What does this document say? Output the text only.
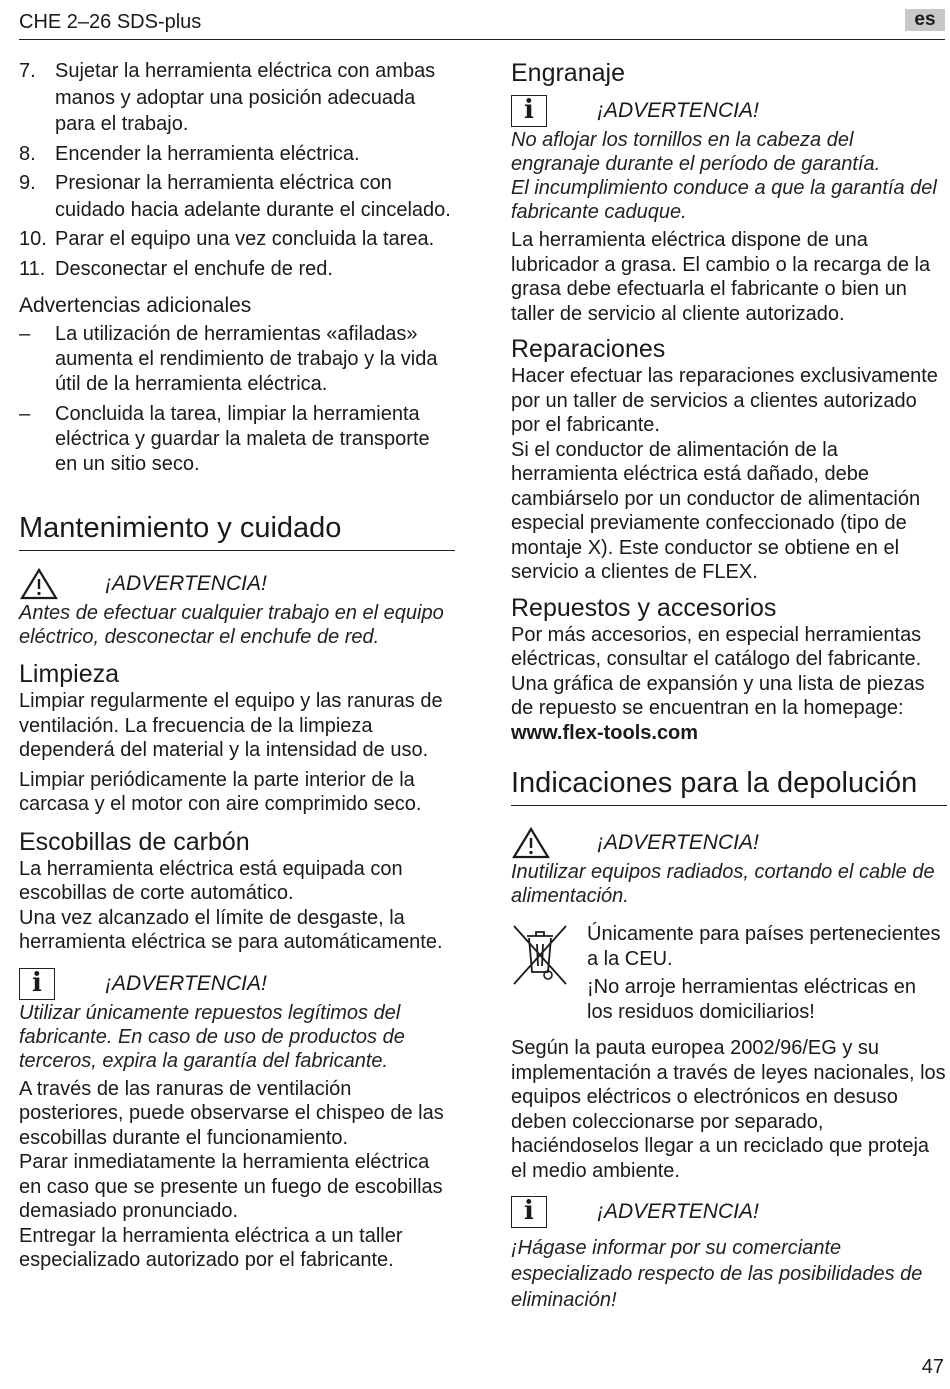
CHE 2–26 SDS-plus	es
7. Sujetar la herramienta eléctrica con ambas manos y adoptar una posición adecuada para el trabajo.
8. Encender la herramienta eléctrica.
9. Presionar la herramienta eléctrica con cuidado hacia adelante durante el cincelado.
10. Parar el equipo una vez concluida la tarea.
11. Desconectar el enchufe de red.
Advertencias adicionales
–	La utilización de herramientas «afiladas» aumenta el rendimiento de trabajo y la vida útil de la herramienta eléctrica.
–	Concluida la tarea, limpiar la herramienta eléctrica y guardar la maleta de transporte en un sitio seco.
Mantenimiento y cuidado
¡ADVERTENCIA!

Antes de efectuar cualquier trabajo en el equipo eléctrico, desconectar el enchufe de red.

Limpieza

Limpiar regularmente el equipo y las ranuras de ventilación. La frecuencia de la limpieza dependerá del material y la intensidad de uso.

Limpiar periódicamente la parte interior de la carcasa y el motor con aire comprimido seco.

Escobillas de carbón

La herramienta eléctrica está equipada con escobillas de corte automático.

Una vez alcanzado el límite de desgaste, la herramienta eléctrica se para automáticamente.

i	¡ADVERTENCIA!

Utilizar únicamente repuestos legítimos del fabricante. En caso de uso de productos de terceros, expira la garantía del fabricante.

A través de las ranuras de ventilación posteriores, puede observarse el chispeo de las escobillas durante el funcionamiento.

Parar inmediatamente la herramienta eléctrica en caso que se presente un fuego de escobillas demasiado pronunciado.

Entregar la herramienta eléctrica a un taller especializado autorizado por el fabricante.

Engranaje
i	¡ADVERTENCIA!

No aflojar los tornillos en la cabeza del engranaje durante el período de garantía.

El incumplimiento conduce a que la garantía del fabricante caduque.

La herramienta eléctrica dispone de una lubricador a grasa. El cambio o la recarga de la grasa debe efectuarla el fabricante o bien un taller de servicio al cliente autorizado.

Reparaciones

Hacer efectuar las reparaciones exclusivamente por un taller de servicios a clientes autorizado por el fabricante.

Si el conductor de alimentación de la herramienta eléctrica está dañado, debe cambiárselo por un conductor de alimentación especial previamente confeccionado (tipo de montaje X). Este conductor se obtiene en el servicio a clientes de FLEX.

Repuestos y accesorios

Por más accesorios, en especial herramientas eléctricas, consultar el catálogo del fabricante. Una gráfica de expansión y una lista de piezas de repuesto se encuentran en la homepage:

www.flex-tools.com

Indicaciones para la depolución
¡ADVERTENCIA!

Inutilizar equipos radiados, cortando el cable de alimentación.

Únicamente para países pertenecientes a la CEU.

¡No arroje herramientas eléctricas en los residuos domiciliarios!

Según la pauta europea 2002/96/EG y su implementación a través de leyes nacionales, los equipos eléctricos o electrónicos en desuso deben coleccionarse por separado, haciéndoselos llegar a un reciclado que proteja el medio ambiente.

i	¡ADVERTENCIA!

¡Hágase informar por su comerciante especializado respecto de las posibilidades de eliminación!

47
